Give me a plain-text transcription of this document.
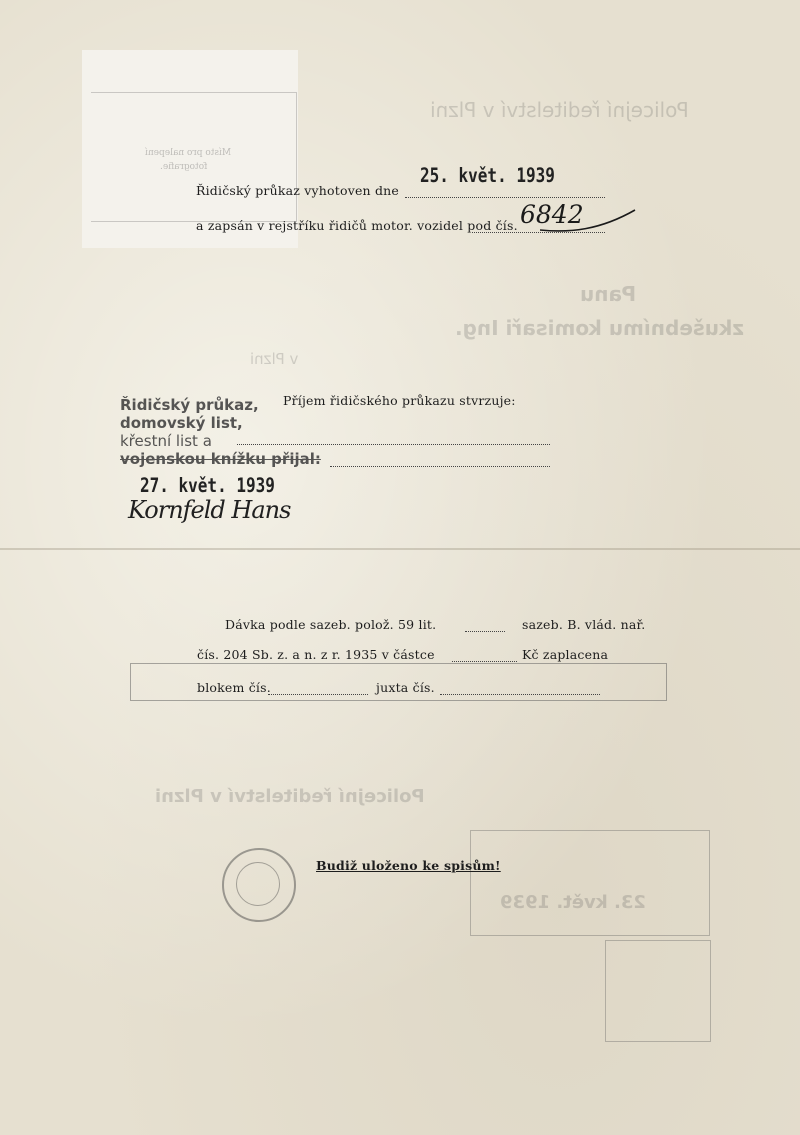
Policejní ředitelství v Plzni
Panu
zkušebnímu komisaři Ing.
v Plzni
Policejní ředitelství v Plzni
Místo pro nalepení
fotografie.
Řidičský průkaz vyhotoven dne
25. květ. 1939
a zapsán v rejstříku řidičů motor. vozidel pod čís. 6842
Příjem řidičského průkazu stvrzuje:
Řidičský průkaz,
domovský list,
křestní list a
vojenskou knížku přijal:
27. květ. 1939
Kornfeld Hans
Dávka podle sazeb. polož. 59 lit.	sazeb. B. vlád. nař.
čís. 204 Sb. z. a n. z r. 1935 v částce	Kč zaplacena
blokem čís.	juxta čís.
Budiž uloženo ke spisům!
23. květ. 1939
